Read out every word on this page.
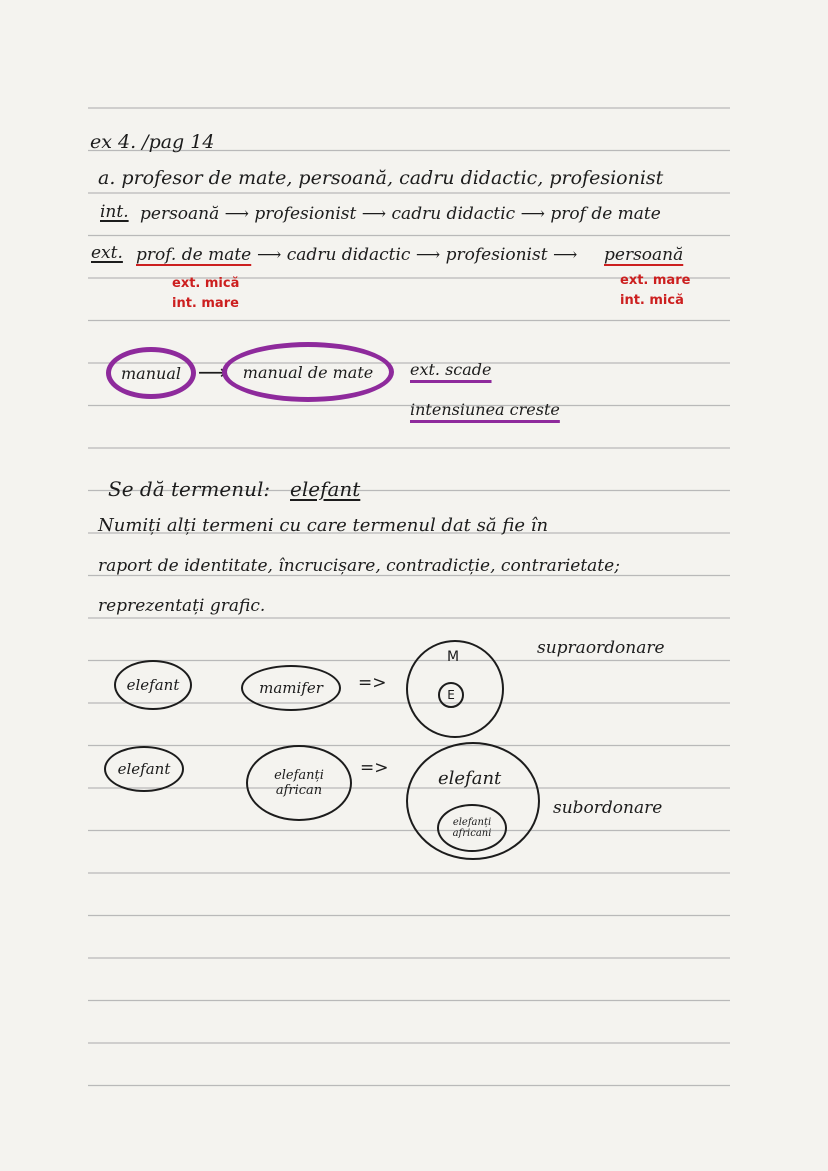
ex 4. /pag 14
a. profesor de mate, persoană, cadru didactic, profesionist
int. persoană ⟶ profesionist ⟶ cadru didactic ⟶ prof de mate
ext. prof. de mate ⟶ cadru didactic ⟶ profesionist ⟶ persoană
ext. mică
int. mare
ext. mare
int. mică
manual ⟶ manual de mate ext. scade
intensiunea creste
Se dă termenul: elefant
Numiți alți termeni cu care termenul dat să fie în
raport de identitate, încrucișare, contradicție, contrarietate;
reprezentați grafic.
elefant	mamifer =>
M
E
supraordonare
elefant	elefanți african
=>	elefant
elefanți africani
subordonare
